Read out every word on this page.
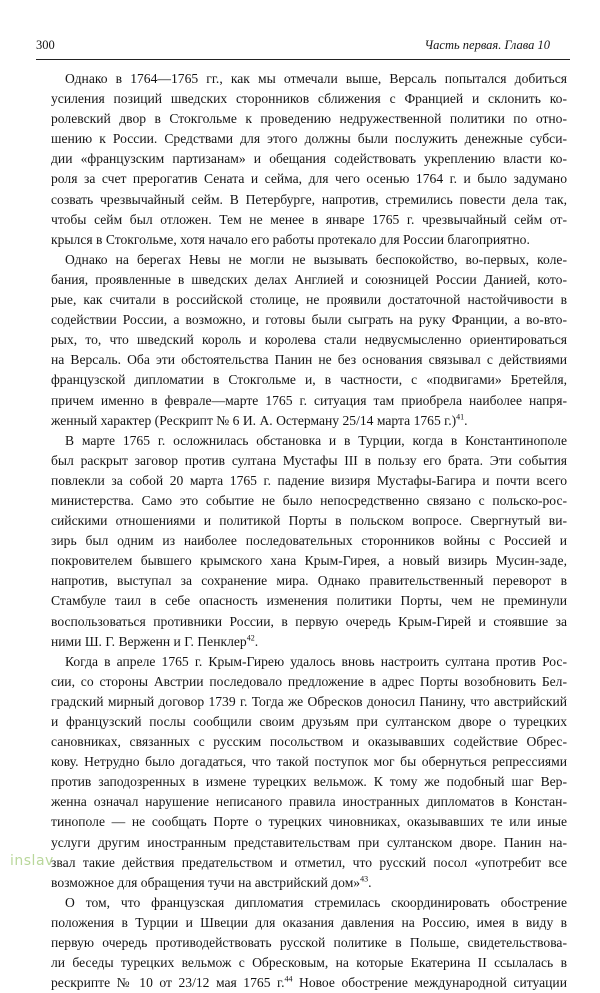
300	Часть первая. Глава 10
Однако в 1764—1765 гг., как мы отмечали выше, Версаль попытался добиться
усиления позиций шведских сторонников сближения с Францией и склонить ко-
ролевский двор в Стокгольме к проведению недружественной политики по отно-
шению к России. Средствами для этого должны были послужить денежные субси-
дии «французским партизанам» и обещания содействовать укреплению власти ко-
роля за счет прерогатив Сената и сейма, для чего осенью 1764 г. и было задумано
созвать чрезвычайный сейм. В Петербурге, напротив, стремились повести дела так,
чтобы сейм был отложен. Тем не менее в январе 1765 г. чрезвычайный сейм от-
крылся в Стокгольме, хотя начало его работы протекало для России благоприятно.
Однако на берегах Невы не могли не вызывать беспокойство, во-первых, коле-
бания, проявленные в шведских делах Англией и союзницей России Данией, кото-
рые, как считали в российской столице, не проявили достаточной настойчивости в
содействии России, а возможно, и готовы были сыграть на руку Франции, а во-вто-
рых, то, что шведский король и королева стали недвусмысленно ориентироваться
на Версаль. Оба эти обстоятельства Панин не без основания связывал с действиями
французской дипломатии в Стокгольме и, в частности, с «подвигами» Бретейля,
причем именно в феврале—марте 1765 г. ситуация там приобрела наиболее напря-
женный характер (Рескрипт № 6 И. А. Остерману 25/14 марта 1765 г.)$^{41}$.
В марте 1765 г. осложнилась обстановка и в Турции, когда в Константинополе
был раскрыт заговор против султана Мустафы III в пользу его брата. Эти события
повлекли за собой 20 марта 1765 г. падение визиря Мустафы-Багира и почти всего
министерства. Само это событие не было непосредственно связано с польско-рос-
сийскими отношениями и политикой Порты в польском вопросе. Свергнутый ви-
зирь был одним из наиболее последовательных сторонников войны с Россией и
покровителем бывшего крымского хана Крым-Гирея, а новый визирь Мусин-заде,
напротив, выступал за сохранение мира. Однако правительственный переворот в
Стамбуле таил в себе опасность изменения политики Порты, чем не преминули
воспользоваться противники России, в первую очередь Крым-Гирей и стоявшие за
ними Ш. Г. Верженн и Г. Пенклер$^{42}$.
Когда в апреле 1765 г. Крым-Гирею удалось вновь настроить султана против Рос-
сии, со стороны Австрии последовало предложение в адрес Порты возобновить Бел-
градский мирный договор 1739 г. Тогда же Обресков доносил Панину, что австрийский
и французский послы сообщили своим друзьям при султанском дворе о турецких
сановниках, связанных с русским посольством и оказывавших содействие Обрес-
кову. Нетрудно было догадаться, что такой поступок мог бы обернуться репрессиями
против заподозренных в измене турецких вельмож. К тому же подобный шаг Вер-
женна означал нарушение неписаного правила иностранных дипломатов в Констан-
тинополе — не сообщать Порте о турецких чиновниках, оказывавших те или иные
услуги другим иностранным представительствам при султанском дворе. Панин на-
звал такие действия предательством и отметил, что русский посол «употребит все
возможное для обращения тучи на австрийский дом»$^{43}$.
О том, что французская дипломатия стремилась скоординировать обострение
положения в Турции и Швеции для оказания давления на Россию, имея в виду в
первую очередь противодействовать русской политике в Польше, свидетельствова-
ли беседы турецких вельмож с Обресковым, на которые Екатерина II ссылалась в
рескрипте № 10 от 23/12 мая 1765 г.$^{44}$ Новое обострение международной ситуации
inslav
